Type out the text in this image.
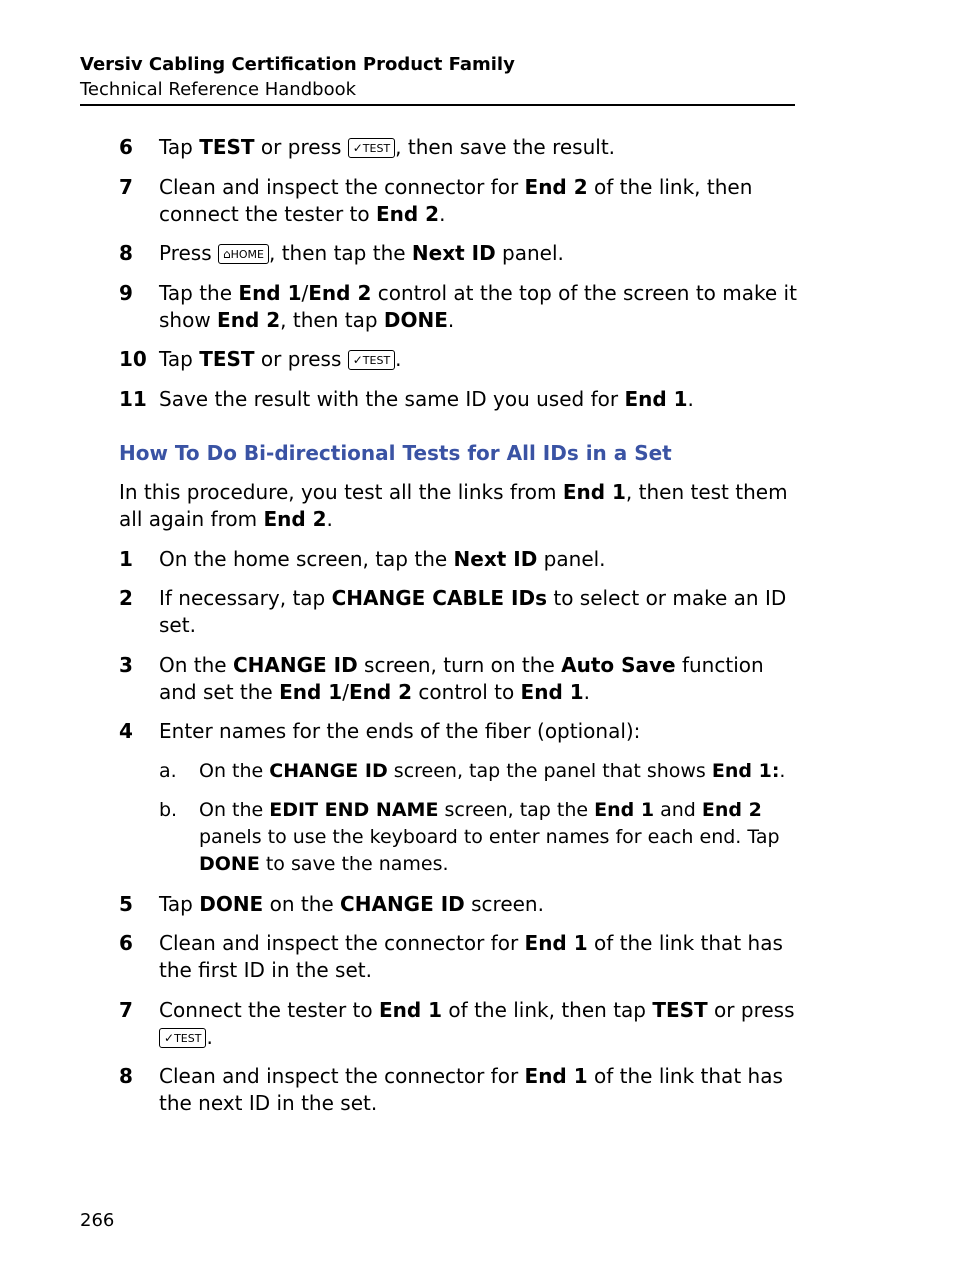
Versiv Cabling Certification Product Family
Technical Reference Handbook
6	Tap TEST or press ✓TEST , then save the result.
7	Clean and inspect the connector for End 2 of the link, then connect the tester to End 2.
8	Press ⌂HOME , then tap the Next ID panel.
9	Tap the End 1/End 2 control at the top of the screen to make it show End 2, then tap DONE.
10 Tap TEST or press ✓TEST .
11 Save the result with the same ID you used for End 1.
How To Do Bi-directional Tests for All IDs in a Set
In this procedure, you test all the links from End 1, then test them all again from End 2.
1	On the home screen, tap the Next ID panel.
2	If necessary, tap CHANGE CABLE IDs to select or make an ID set.
3	On the CHANGE ID screen, turn on the Auto Save function and set the End 1/End 2 control to End 1.
4	Enter names for the ends of the fiber (optional):
a.	On the CHANGE ID screen, tap the panel that shows End 1:.
b.	On the EDIT END NAME screen, tap the End 1 and End 2 panels to use the keyboard to enter names for each end. Tap DONE to save the names.
5	Tap DONE on the CHANGE ID screen.
6	Clean and inspect the connector for End 1 of the link that has the first ID in the set.
7	Connect the tester to End 1 of the link, then tap TEST or press
✓TEST .
8	Clean and inspect the connector for End 1 of the link that has the next ID in the set.
266
